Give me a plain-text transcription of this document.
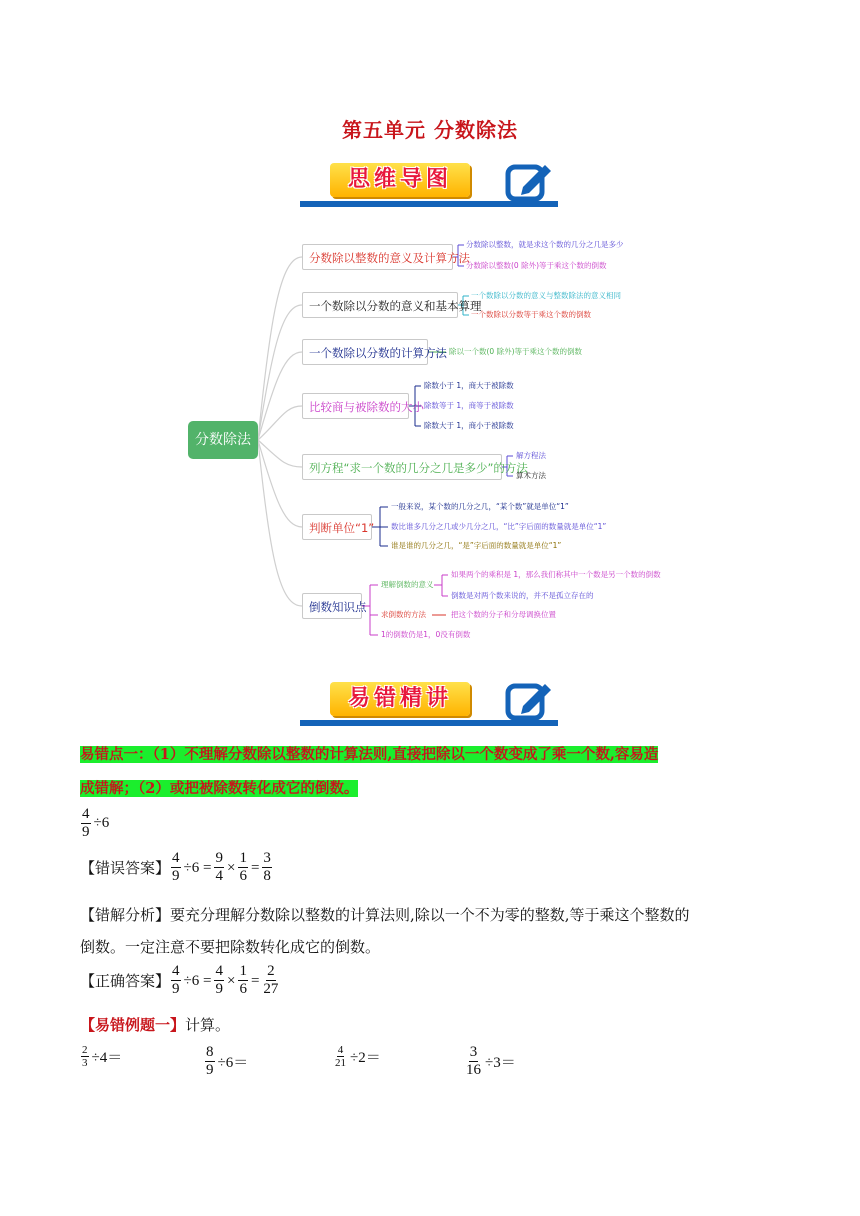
第五单元 分数除法
思维导图
分数除法
分数除以整数的意义及计算方法
分数除以整数，就是求这个数的几分之几是多少
分数除以整数(0 除外)等于乘这个数的倒数
一个数除以分数的意义和基本算理
一个数除以分数的意义与整数除法的意义相同
一个数除以分数等于乘这个数的倒数
一个数除以分数的计算方法 除以一个数(0 除外)等于乘这个数的倒数
比较商与被除数的大小
除数小于 1，商大于被除数
除数等于 1，商等于被除数
除数大于 1，商小于被除数
列方程“求一个数的几分之几是多少”的方法
解方程法
算术方法
判断单位“1”
一般来说，某个数的几分之几，“某个数”就是单位“1”
数比谁多几分之几或少几分之几，“比”字后面的数量就是单位“1”
谁是谁的几分之几，“是”字后面的数量就是单位“1”
倒数知识点
理解倒数的意义
求倒数的方法
1的倒数仍是1，0没有倒数
如果两个的乘积是 1，那么我们称其中一个数是另一个数的倒数
倒数是对两个数来说的，并不是孤立存在的
把这个数的分子和分母调换位置
易错精讲
易错点一：（1）不理解分数除以整数的计算法则,直接把除以一个数变成了乘一个数,容易造
成错解；（2）或把被除数转化成它的倒数。
$\frac{4}{9} \div 6$
【错误答案】 $\frac{4}{9} \div 6 = \frac{9}{4} \times \frac{1}{6} = \frac{3}{8}$
【错解分析】要充分理解分数除以整数的计算法则,除以一个不为零的整数,等于乘这个整数的
倒数。一定注意不要把除数转化成它的倒数。
【正确答案】 $\frac{4}{9} \div 6 = \frac{4}{9} \times \frac{1}{6} = \frac{2}{27}$
【易错例题一】计算。
$\frac{2}{3} \div 4=$	$\frac{8}{9} \div 6=$	$\frac{4}{21} \div 2=$	$\frac{3}{16} \div 3=$
